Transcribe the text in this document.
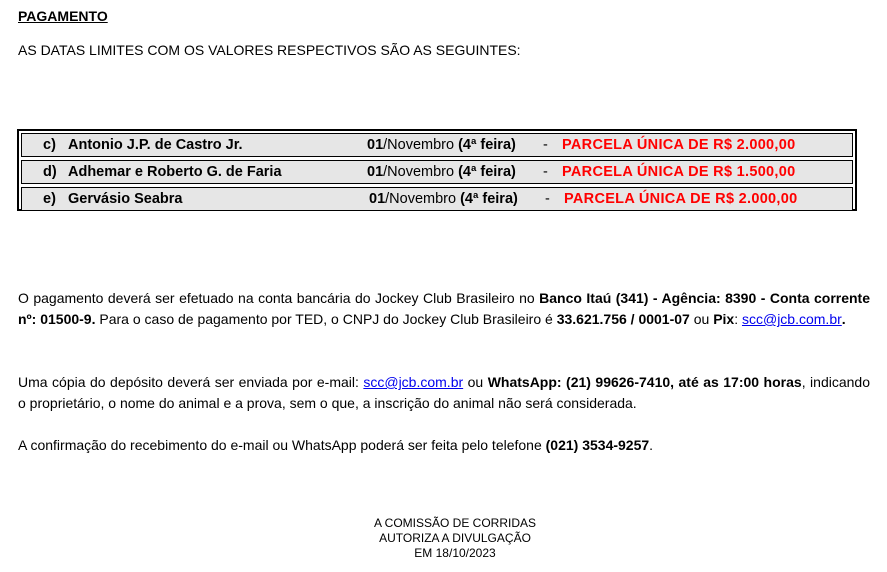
PAGAMENTO
AS DATAS LIMITES COM OS VALORES RESPECTIVOS SÃO AS SEGUINTES:
c) Antonio J.P. de Castro Jr.	01/Novembro (4ª feira) - PARCELA ÚNICA DE R$ 2.000,00
d) Adhemar e Roberto G. de Faria	01/Novembro (4ª feira) - PARCELA ÚNICA DE R$ 1.500,00
e) Gervásio Seabra	01/Novembro (4ª feira) - PARCELA ÚNICA DE R$ 2.000,00
O pagamento deverá ser efetuado na conta bancária do Jockey Club Brasileiro no Banco Itaú (341) - Agência: 8390 - Conta corrente nº: 01500-9. Para o caso de pagamento por TED, o CNPJ do Jockey Club Brasileiro é 33.621.756 / 0001-07 ou Pix: scc@jcb.com.br.
Uma cópia do depósito deverá ser enviada por e-mail: scc@jcb.com.br ou WhatsApp: (21) 99626-7410, até as 17:00 horas, indicando o proprietário, o nome do animal e a prova, sem o que, a inscrição do animal não será considerada.
A confirmação do recebimento do e-mail ou WhatsApp poderá ser feita pelo telefone (021) 3534-9257.
A COMISSÃO DE CORRIDAS
AUTORIZA A DIVULGAÇÃO
EM 18/10/2023
